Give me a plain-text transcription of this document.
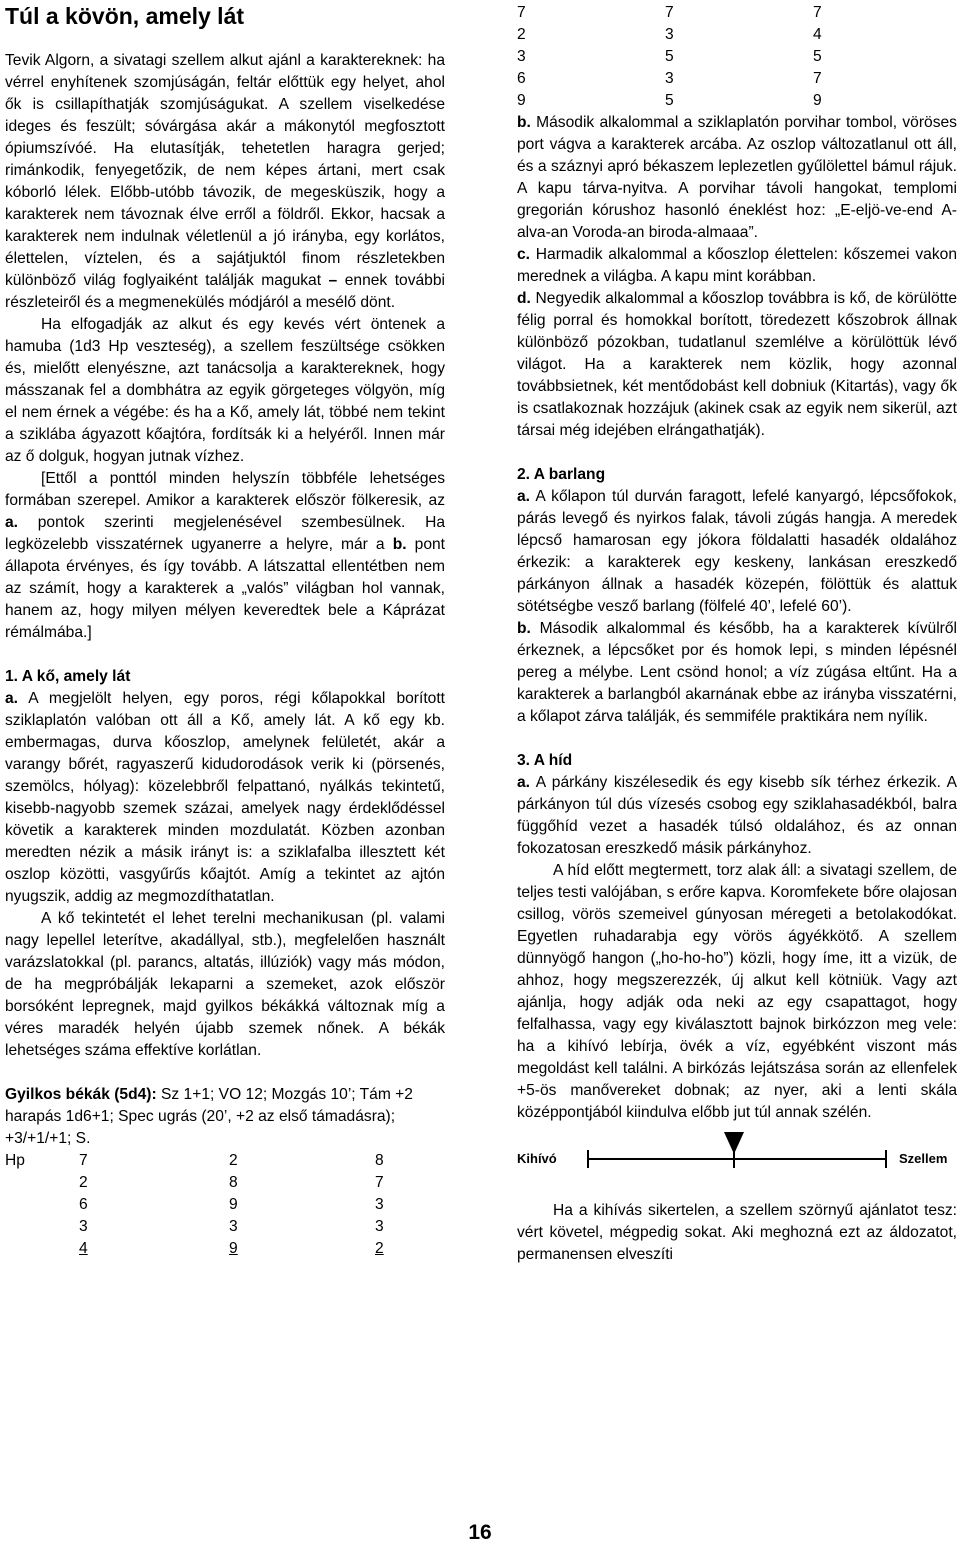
Túl a kövön, amely lát

Tevik Algorn, a sivatagi szellem alkut ajánl a karaktereknek: ha vérrel enyhítenek szomjúságán, feltár előttük egy helyet, ahol ők is csillapíthatják szomjúságukat. A szellem viselkedése ideges és feszült; sóvárgása akár a mákonytól megfosztott ópiumszívóé. Ha elutasítják, tehetetlen haragra gerjed; rimánkodik, fenyegetőzik, de nem képes ártani, mert csak kóborló lélek. Előbb-utóbb távozik, de megesküszik, hogy a karakterek nem távoznak élve erről a földről. Ekkor, hacsak a karakterek nem indulnak véletlenül a jó irányba, egy korlátos, élettelen, víztelen, és a sajátjuktól finom részletekben különböző világ foglyaiként találják magukat – ennek további részleteiről és a megmenekülés módjáról a mesélő dönt.

Ha elfogadják az alkut és egy kevés vért öntenek a hamuba (1d3 Hp veszteség), a szellem feszültsége csökken és, mielőtt elenyészne, azt tanácsolja a karaktereknek, hogy másszanak fel a dombhátra az egyik görgeteges völgyön, míg el nem érnek a végébe: és ha a Kő, amely lát, többé nem tekint a sziklába ágyazott kőajtóra, fordítsák ki a helyéről. Innen már az ő dolguk, hogyan jutnak vízhez.

[Ettől a ponttól minden helyszín többféle lehetséges formában szerepel. Amikor a karakterek először fölkeresik, az a. pontok szerinti megjelenésével szembesülnek. Ha legközelebb visszatérnek ugyanerre a helyre, már a b. pont állapota érvényes, és így tovább. A látszattal ellentétben nem az számít, hogy a karakterek a „valós” világban hol vannak, hanem az, hogy milyen mélyen keveredtek bele a Káprázat rémálmába.]

1. A kő, amely lát

a. A megjelölt helyen, egy poros, régi kőlapokkal borított sziklaplatón valóban ott áll a Kő, amely lát. A kő egy kb. embermagas, durva kőoszlop, amelynek felületét, akár a varangy bőrét, ragyaszerű kidudorodások verik ki (pörsenés, szemölcs, hólyag): közelebbről felpattanó, nyálkás tekintetű, kisebb-nagyobb szemek százai, amelyek nagy érdeklődéssel követik a karakterek minden mozdulatát. Közben azonban meredten nézik a másik irányt is: a sziklafalba illesztett két oszlop közötti, vasgyűrűs kőajtót. Amíg a tekintet az ajtón nyugszik, addig az megmozdíthatatlan.

A kő tekintetét el lehet terelni mechanikusan (pl. valami nagy lepellel leterítve, akadállyal, stb.), megfelelően használt varázslatokkal (pl. parancs, altatás, illúziók) vagy más módon, de ha megpróbálják lekaparni a szemeket, azok először borsóként lepregnek, majd gyilkos békákká változnak míg a véres maradék helyén újabb szemek nőnek. A békák lehetséges száma effektíve korlátlan.

Gyilkos békák (5d4): Sz 1+1; VO 12; Mozgás 10’; Tám +2 harapás 1d6+1; Spec ugrás (20’, +2 az első támadásra); +3/+1/+1; S.

Hp	7	2	8
	2	8	7
	6	9	3
	3	3	3
	4	9	2
7	7	7
2	3	4
3	5	5
6	3	7
9	5	9

b. Második alkalommal a sziklaplatón porvihar tombol, vöröses port vágva a karakterek arcába. Az oszlop változatlanul ott áll, és a száznyi apró békaszem leplezetlen gyűlölettel bámul rájuk. A kapu tárva-nyitva. A porvihar távoli hangokat, templomi gregorián kórushoz hasonló éneklést hoz: „E-eljö-ve-end A-alva-an Voroda-an biroda-almaaa”.

c. Harmadik alkalommal a kőoszlop élettelen: kőszemei vakon merednek a világba. A kapu mint korábban.

d. Negyedik alkalommal a kőoszlop továbbra is kő, de körülötte félig porral és homokkal borított, töredezett kőszobrok állnak különböző pózokban, tudatlanul szemlélve a körülöttük lévő világot. Ha a karakterek nem közlik, hogy azonnal továbbsietnek, két mentődobást kell dobniuk (Kitartás), vagy ők is csatlakoznak hozzájuk (akinek csak az egyik nem sikerül, azt társai még idejében elrángathatják).

2. A barlang

a. A kőlapon túl durván faragott, lefelé kanyargó, lépcsőfokok, párás levegő és nyirkos falak, távoli zúgás hangja. A meredek lépcső hamarosan egy jókora földalatti hasadék oldalához érkezik: a karakterek egy keskeny, lankásan ereszkedő párkányon állnak a hasadék közepén, fölöttük és alattuk sötétségbe vesző barlang (fölfelé 40’, lefelé 60’).

b. Második alkalommal és később, ha a karakterek kívülről érkeznek, a lépcsőket por és homok lepi, s minden lépésnél pereg a mélybe. Lent csönd honol; a víz zúgása eltűnt. Ha a karakterek a barlangból akarnának ebbe az irányba visszatérni, a kőlapot zárva találják, és semmiféle praktikára nem nyílik.

3. A híd

a. A párkány kiszélesedik és egy kisebb sík térhez érkezik. A párkányon túl dús vízesés csobog egy sziklahasadékból, balra függőhíd vezet a hasadék túlsó oldalához, és az onnan fokozatosan ereszkedő másik párkányhoz.

A híd előtt megtermett, torz alak áll: a sivatagi szellem, de teljes testi valójában, s erőre kapva. Koromfekete bőre olajosan csillog, vörös szemeivel gúnyosan méregeti a betolakodókat. Egyetlen ruhadarabja egy vörös ágyékkötő. A szellem dünnyögő hangon („ho-ho-ho”) közli, hogy íme, itt a vizük, de ahhoz, hogy megszerezzék, új alkut kell kötniük. Vagy azt ajánlja, hogy adják oda neki az egy csapattagot, hogy felfalhassa, vagy egy kiválasztott bajnok birkózzon meg vele: ha a kihívó lebírja, övék a víz, egyébként viszont más megoldást kell találni. A birkózás lejátszása során az ellenfelek +5-ös manővereket dobnak; az nyer, aki a lenti skála középpontjából kiindulva előbb jut túl annak szélén.

Kihívó	Szellem

Ha a kihívás sikertelen, a szellem szörnyű ajánlatot tesz: vért követel, mégpedig sokat. Aki meghozná ezt az áldozatot, permanensen elveszíti

16
